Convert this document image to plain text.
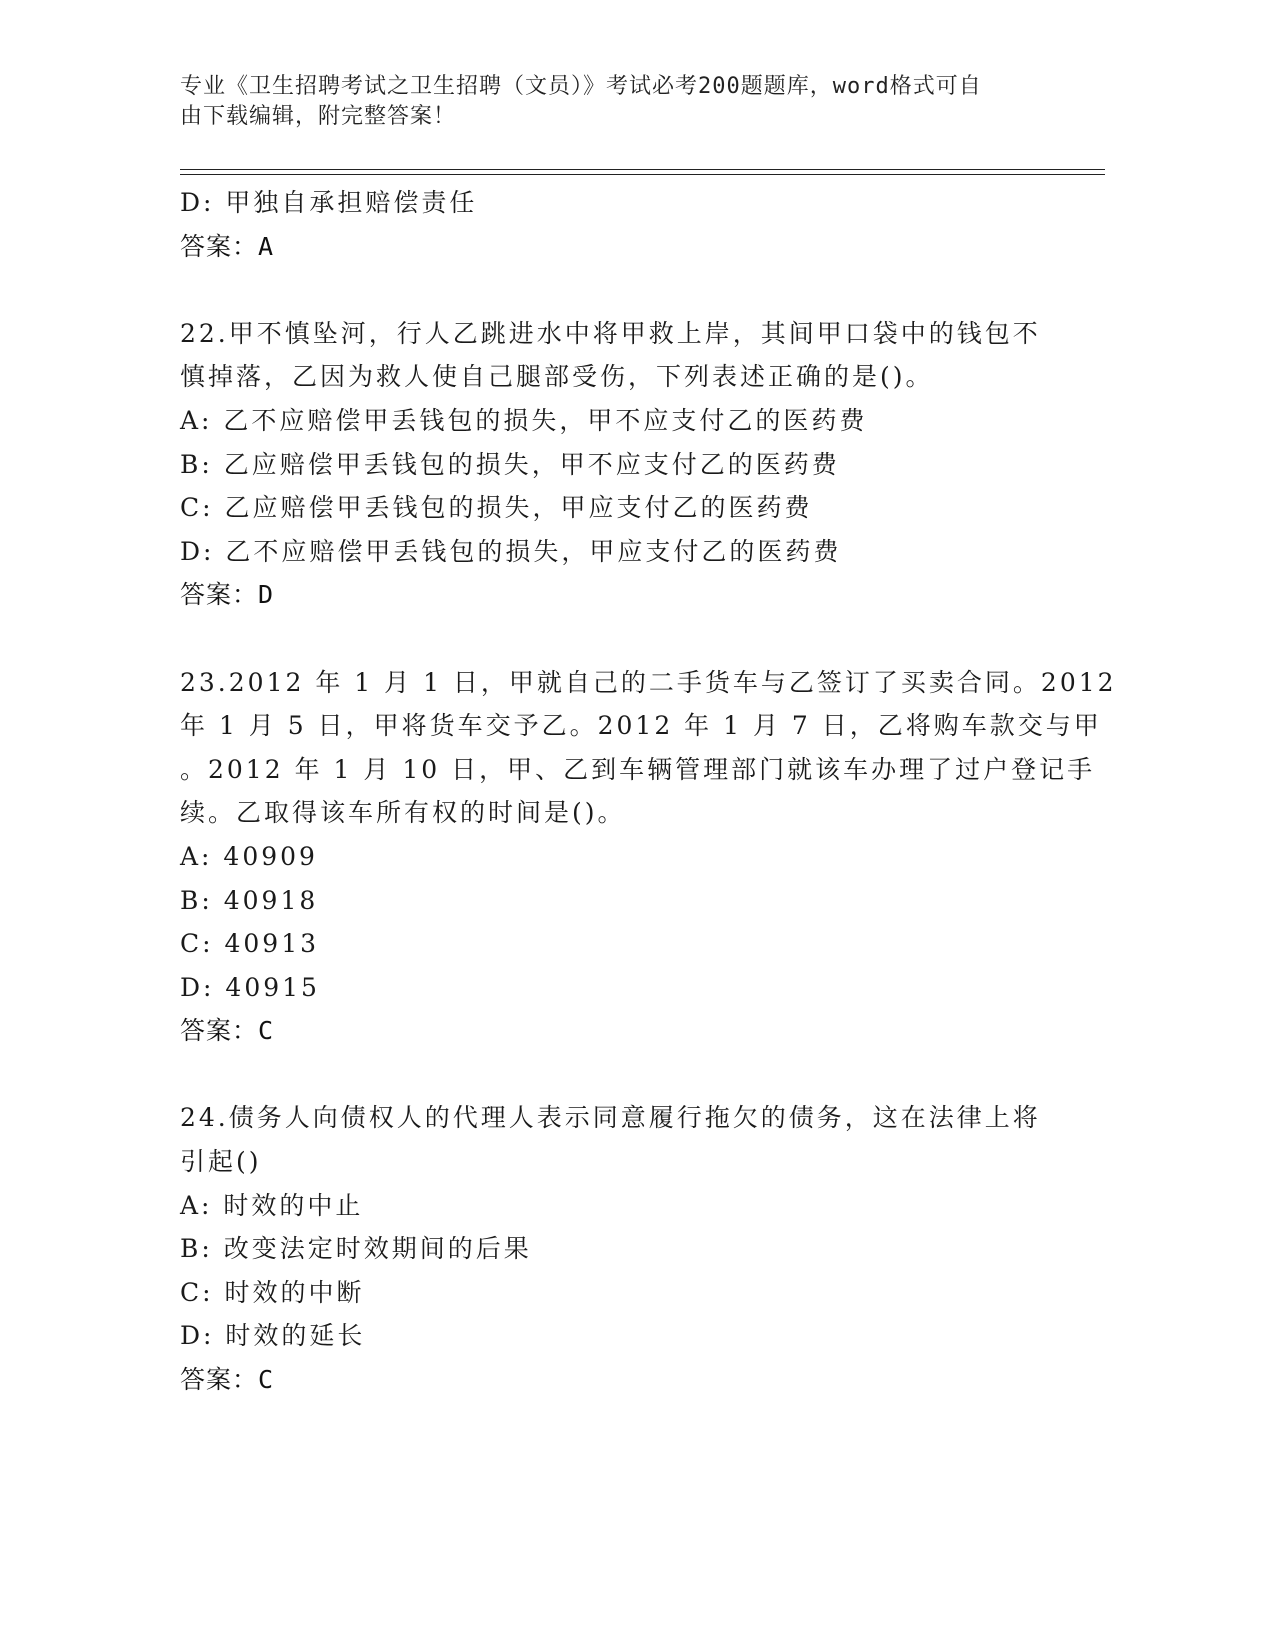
专业《卫生招聘考试之卫生招聘（文员）》考试必考200题题库，word格式可自
由下载编辑，附完整答案！
D: 甲独自承担赔偿责任
答案：A
22.甲不慎坠河，行人乙跳进水中将甲救上岸，其间甲口袋中的钱包不
慎掉落，乙因为救人使自己腿部受伤，下列表述正确的是()。
A: 乙不应赔偿甲丢钱包的损失，甲不应支付乙的医药费
B: 乙应赔偿甲丢钱包的损失，甲不应支付乙的医药费
C: 乙应赔偿甲丢钱包的损失，甲应支付乙的医药费
D: 乙不应赔偿甲丢钱包的损失，甲应支付乙的医药费
答案：D
23.2012 年 1 月 1 日，甲就自己的二手货车与乙签订了买卖合同。2012
年 1 月 5 日，甲将货车交予乙。2012 年 1 月 7 日，乙将购车款交与甲
。2012 年 1 月 10 日，甲、乙到车辆管理部门就该车办理了过户登记手
续。乙取得该车所有权的时间是()。
A: 40909
B: 40918
C: 40913
D: 40915
答案：C
24.债务人向债权人的代理人表示同意履行拖欠的债务，这在法律上将
引起()
A: 时效的中止
B: 改变法定时效期间的后果
C: 时效的中断
D: 时效的延长
答案：C
